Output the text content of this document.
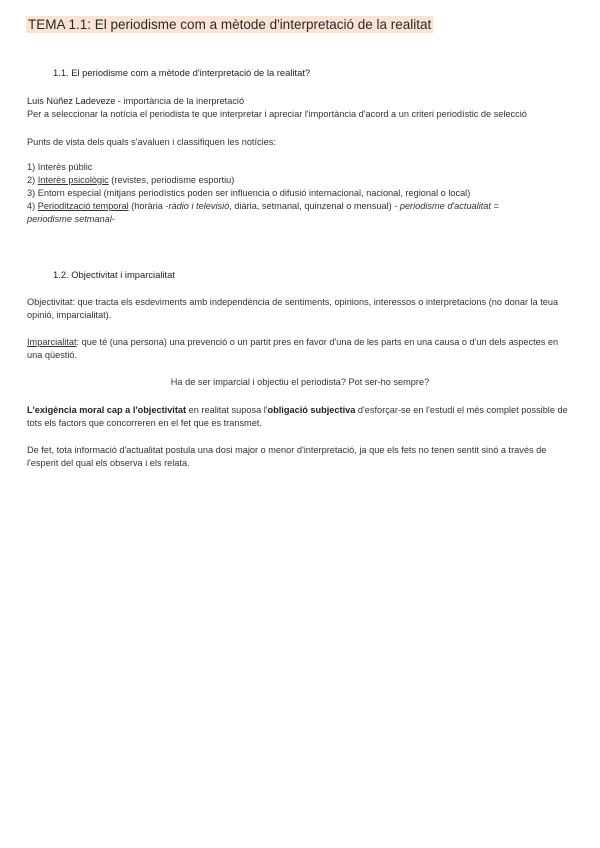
TEMA 1.1: El periodisme com a mètode d'interpretació de la realitat
1.1. El periodisme com a mètode d'interpretació de la realitat?
Luis Núñez Ladeveze - importància de la inerpretació
Per a seleccionar la notícia el periodista te que interpretar i apreciar l'importància d'acord a un criteri periodístic de selecció
Punts de vista dels quals s'avaluen i classifiquen les notícies:
1) Interès públic
2) Interès psicològic (revistes, periodisme esportiu)
3) Entorn especial (mitjans periodístics poden ser influencia o difusió internacional, nacional, regional o local)
4) Periodització temporal (horària -ràdio i televisió, diària, setmanal, quinzenal o mensual) - periodisme d'actualitat =
periodisme setmanal-
1.2. Objectivitat i imparcialitat
Objectivitat: que tracta els esdeviments amb independència de sentiments, opinions, interessos o interpretacions (no donar la teua opinió, imparcialitat).
Imparcialitat: que té (una persona) una prevenció o un partit pres en favor d'una de les parts en una causa o d'un dels aspectes en una qüestió.
Ha de ser imparcial i objectiu el periodista? Pot ser-ho sempre?
L'exigència moral cap a l'objectivitat en realitat suposa l'obligació subjectiva d'esforçar-se en l'estudi el més complet possible de tots els factors que concorreren en el fet que es transmet.
De fet, tota informació d'actualitat postula una dosi major o menor d'interpretació, ja que els fets no tenen sentit sinó a través de l'esperit del qual els observa i els relata.
